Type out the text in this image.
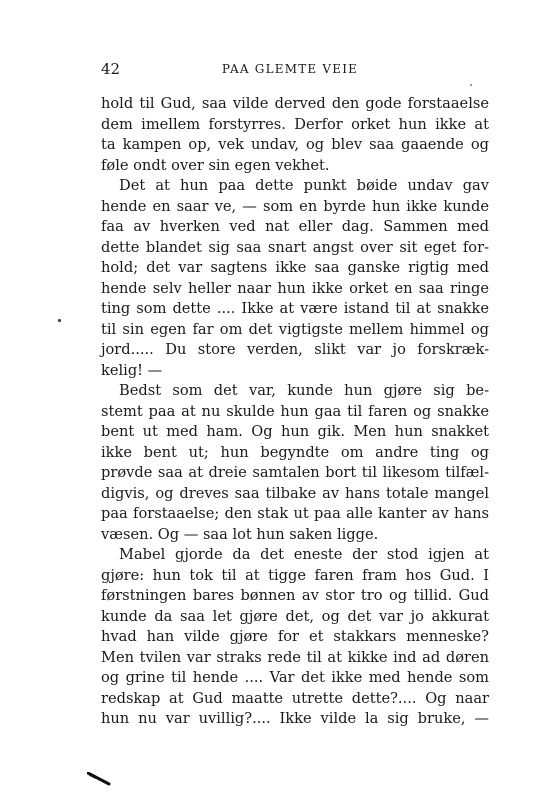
42	PAA GLEMTE VEIE
hold til Gud, saa vilde derved den gode forstaaelse
dem imellem forstyrres. Derfor orket hun ikke at
ta kampen op, vek undav, og blev saa gaaende og
føle ondt over sin egen vekhet.
Det at hun paa dette punkt bøide undav gav
hende en saar ve, — som en byrde hun ikke kunde
faa av hverken ved nat eller dag. Sammen med
dette blandet sig saa snart angst over sit eget for-
hold; det var sagtens ikke saa ganske rigtig med
hende selv heller naar hun ikke orket en saa ringe
ting som dette .... Ikke at være istand til at snakke
til sin egen far om det vigtigste mellem himmel og
jord..... Du store verden, slikt var jo forskræk-
kelig! —
Bedst som det var, kunde hun gjøre sig be-
stemt paa at nu skulde hun gaa til faren og snakke
bent ut med ham. Og hun gik. Men hun snakket
ikke bent ut; hun begyndte om andre ting og
prøvde saa at dreie samtalen bort til likesom tilfæl-
digvis, og dreves saa tilbake av hans totale mangel
paa forstaaelse; den stak ut paa alle kanter av hans
væsen. Og — saa lot hun saken ligge.
Mabel gjorde da det eneste der stod igjen at
gjøre: hun tok til at tigge faren fram hos Gud. I
førstningen bares bønnen av stor tro og tillid. Gud
kunde da saa let gjøre det, og det var jo akkurat
hvad han vilde gjøre for et stakkars menneske?
Men tvilen var straks rede til at kikke ind ad døren
og grine til hende .... Var det ikke med hende som
redskap at Gud maatte utrette dette?.... Og naar
hun nu var uvillig?.... Ikke vilde la sig bruke, —
